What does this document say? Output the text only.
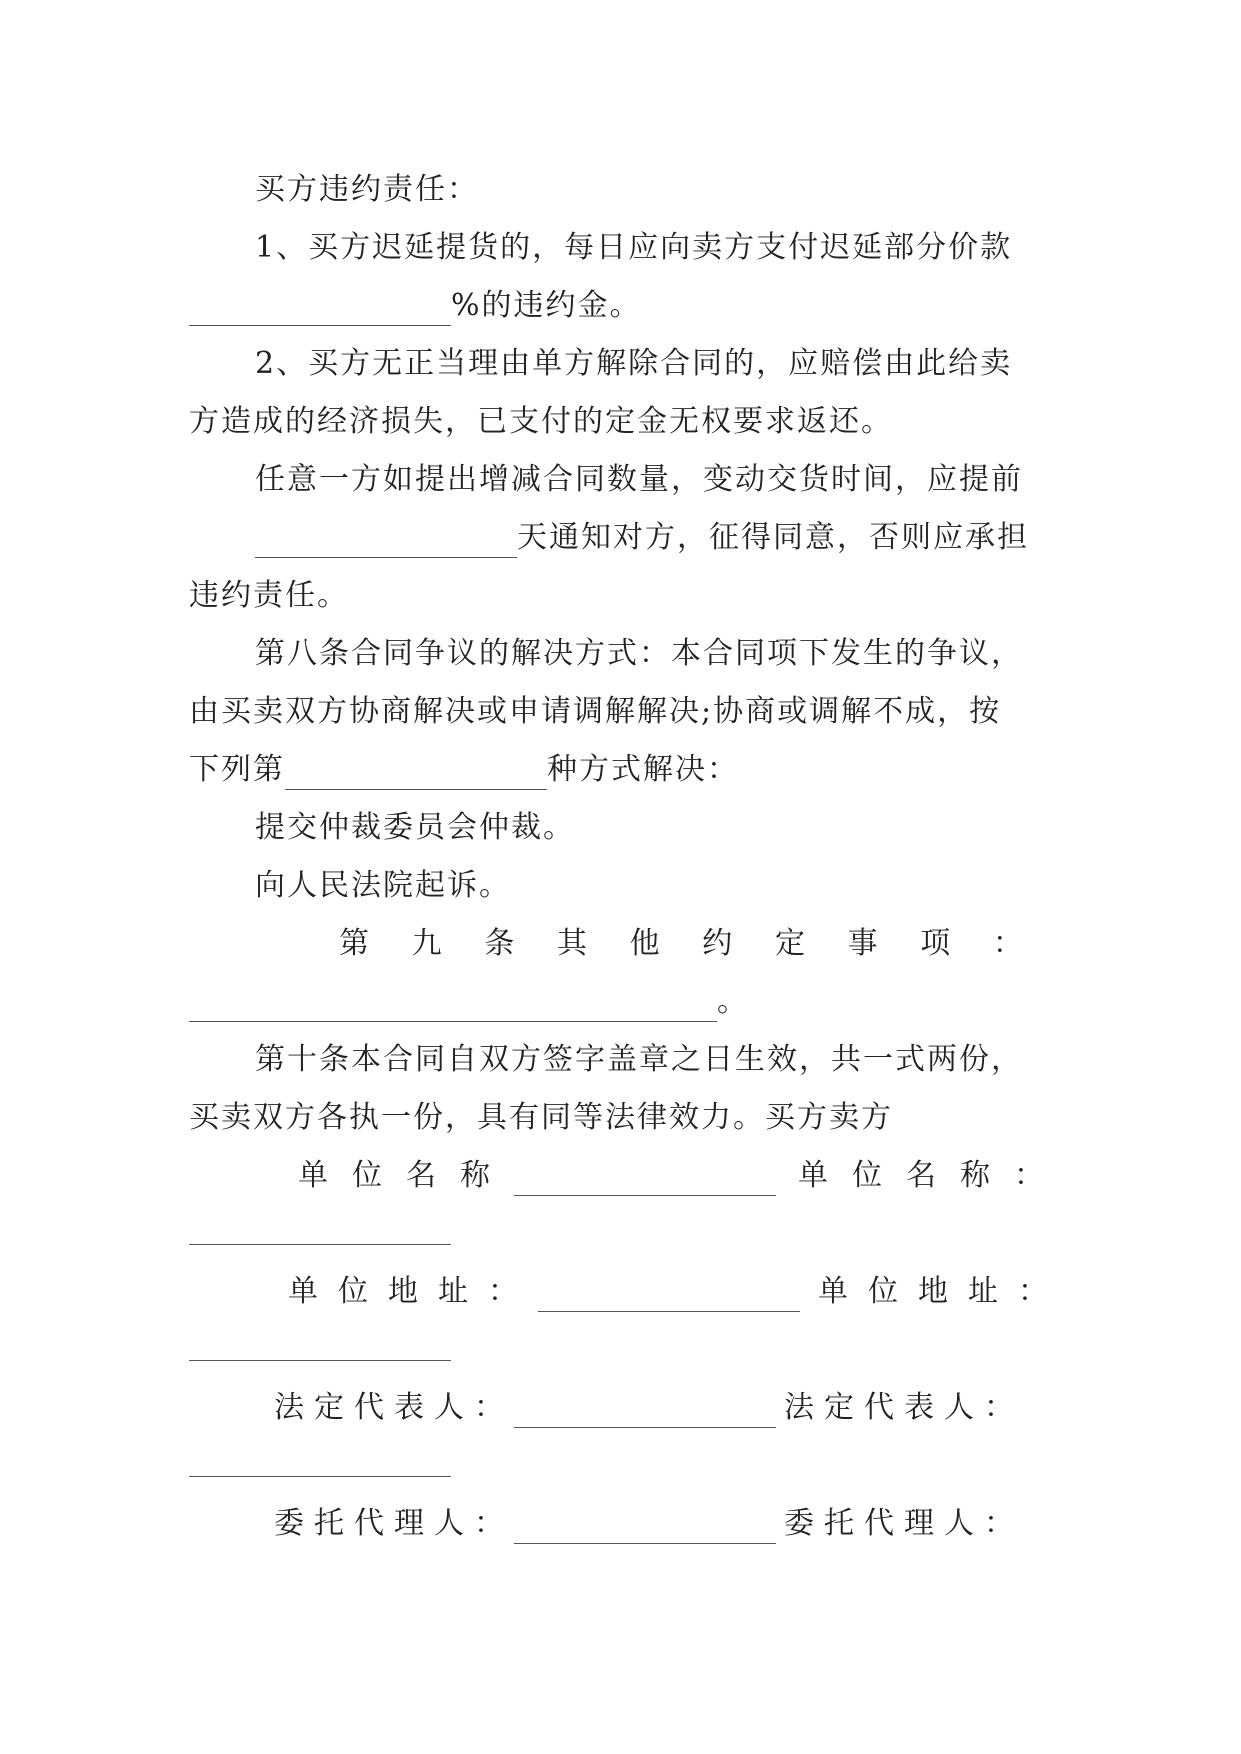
买方违约责任：
1、买方迟延提货的，每日应向卖方支付迟延部分价款
%的违约金。
2、买方无正当理由单方解除合同的，应赔偿由此给卖
方造成的经济损失，已支付的定金无权要求返还。
任意一方如提出增减合同数量，变动交货时间，应提前
天通知对方，征得同意，否则应承担
违约责任。
第八条合同争议的解决方式：本合同项下发生的争议，
由买卖双方协商解决或申请调解解决;协商或调解不成，按
下列第	种方式解决：
提交仲裁委员会仲裁。
向人民法院起诉。
第 九 条 其 他 约 定 事 项 ：
。
第十条本合同自双方签字盖章之日生效，共一式两份，
买卖双方各执一份，具有同等法律效力。买方卖方
单 位 名 称	单 位 名 称 ：
单 位 地 址 ：	单 位 地 址 ：
法 定 代 表 人 ：	法 定 代 表 人 ：
委 托 代 理 人 ：	委 托 代 理 人 ：
